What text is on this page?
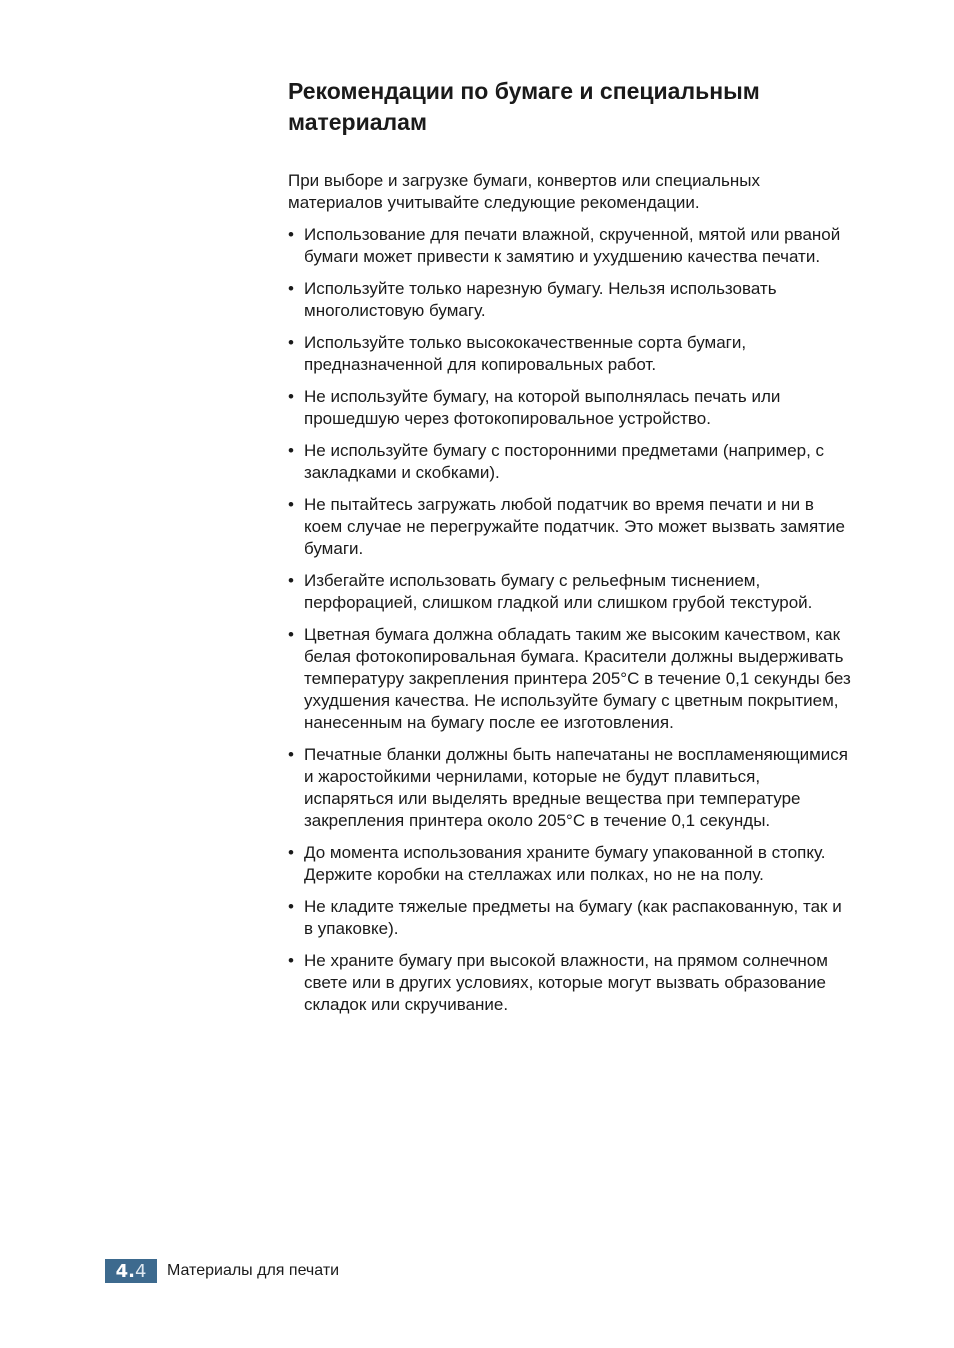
Рекомендации по бумаге и специальным материалам

При выборе и загрузке бумаги, конвертов или специальных материалов учитывайте следующие рекомендации.

• Использование для печати влажной, скрученной, мятой или рваной бумаги может привести к замятию и ухудшению качества печати.
• Используйте только нарезную бумагу. Нельзя использовать многолистовую бумагу.
• Используйте только высококачественные сорта бумаги, предназначенной для копировальных работ.
• Не используйте бумагу, на которой выполнялась печать или прошедшую через фотокопировальное устройство.
• Не используйте бумагу с посторонними предметами (например, с закладками и скобками).
• Не пытайтесь загружать любой податчик во время печати и ни в коем случае не перегружайте податчик. Это может вызвать замятие бумаги.
• Избегайте использовать бумагу с рельефным тиснением, перфорацией, слишком гладкой или слишком грубой текстурой.
• Цветная бумага должна обладать таким же высоким качеством, как белая фотокопировальная бумага. Красители должны выдерживать температуру закрепления принтера 205°C в течение 0,1 секунды без ухудшения качества. Не используйте бумагу с цветным покрытием, нанесенным на бумагу после ее изготовления.
• Печатные бланки должны быть напечатаны не воспламеняющимися и жаростойкими чернилами, которые не будут плавиться, испаряться или выделять вредные вещества при температуре закрепления принтера около 205°C в течение 0,1 секунды.
• До момента использования храните бумагу упакованной в стопку. Держите коробки на стеллажах или полках, но не на полу.
• Не кладите тяжелые предметы на бумагу (как распакованную, так и в упаковке).
• Не храните бумагу при высокой влажности, на прямом солнечном свете или в других условиях, которые могут вызвать образование складок или скручивание.
4. 4 Материалы для печати
